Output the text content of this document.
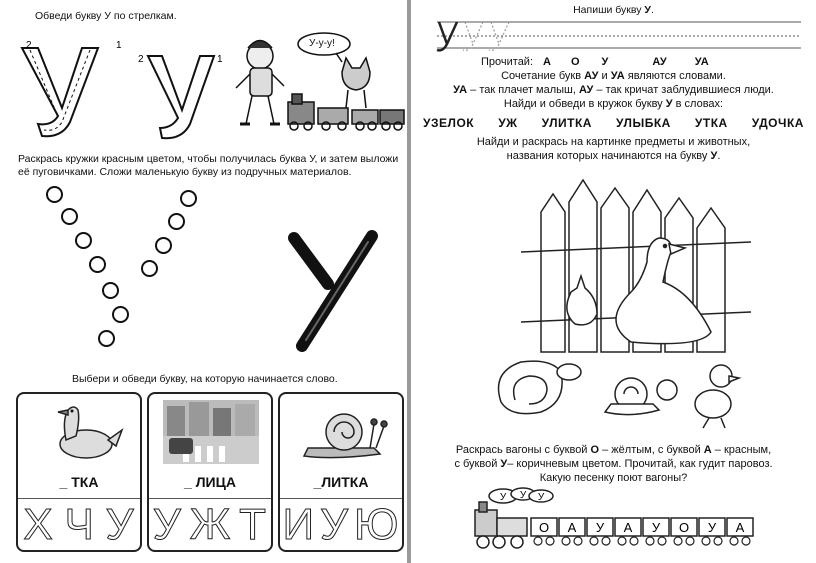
Обведи букву У по стрелкам.
2	1
2	1
У-у-у!
Раскрась кружки красным цветом, чтобы получилась буква У, и затем выложи
её пуговичками. Сложи маленькую букву из подручных материалов.
Выбери и обведи букву, на которую начинается слово.
_ ТКА
Х Ч У
_ ЛИЦА
У Ж Т
_ЛИТКА
И У Ю
Напиши букву У.
Прочитай: А О У	АУ	УА
Сочетание букв АУ и УА являются словами.
УА – так плачет малыш, АУ – так кричат заблудившиеся люди.
Найди и обведи в кружок букву У в словах:
УЗЕЛОК УЖ УЛИТКА УЛЫБКА УТКА УДОЧКА
Найди и раскрась на картинке предметы и животных,
названия которых начинаются на букву У.
Раскрась вагоны с буквой О – жёлтым, с буквой А – красным,
с буквой У– коричневым цветом. Прочитай, как гудит паровоз.
Какую песенку поют вагоны?
У У У
О А У А У О У А
